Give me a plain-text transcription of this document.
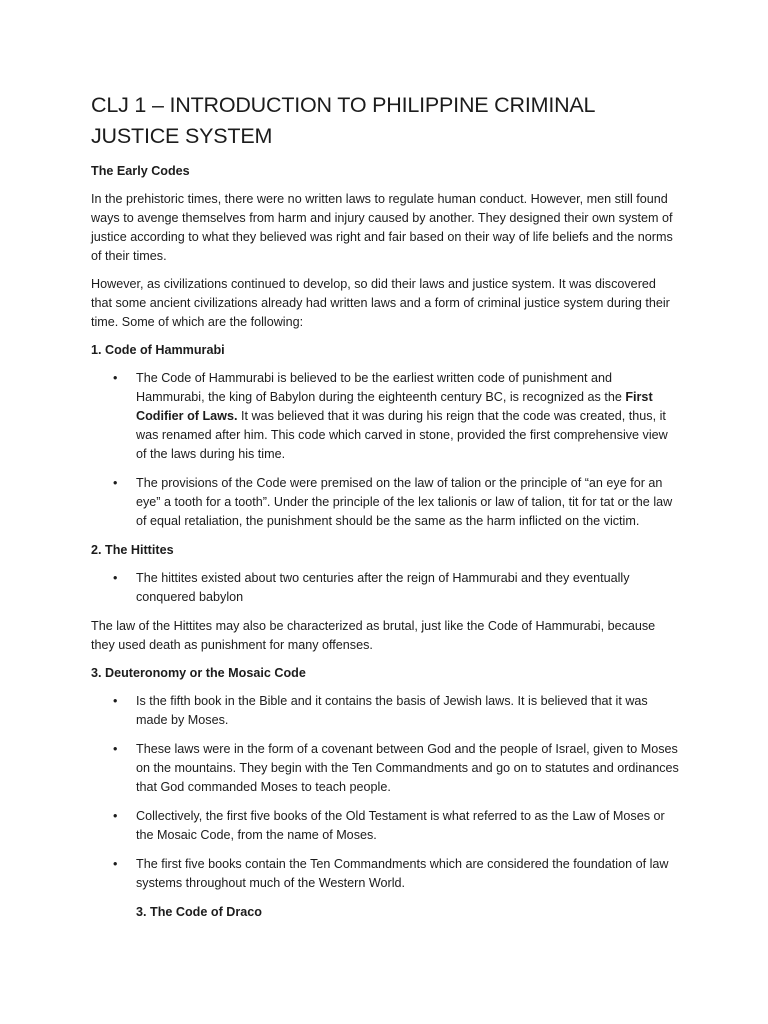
CLJ 1 – INTRODUCTION TO PHILIPPINE CRIMINAL JUSTICE SYSTEM
The Early Codes
In the prehistoric times, there were no written laws to regulate human conduct. However, men still found ways to avenge themselves from harm and injury caused by another. They designed their own system of justice according to what they believed was right and fair based on their way of life beliefs and the norms of their times.
However, as civilizations continued to develop, so did their laws and justice system. It was discovered that some ancient civilizations already had written laws and a form of criminal justice system during their time. Some of which are the following:
1. Code of Hammurabi
• The Code of Hammurabi is believed to be the earliest written code of punishment and Hammurabi, the king of Babylon during the eighteenth century BC, is recognized as the First Codifier of Laws. It was believed that it was during his reign that the code was created, thus, it was renamed after him. This code which carved in stone, provided the first comprehensive view of the laws during his time.
• The provisions of the Code were premised on the law of talion or the principle of “an eye for an eye” a tooth for a tooth”. Under the principle of the lex talionis or law of talion, tit for tat or the law of equal retaliation, the punishment should be the same as the harm inflicted on the victim.
2. The Hittites
• The hittites existed about two centuries after the reign of Hammurabi and they eventually conquered babylon
The law of the Hittites may also be characterized as brutal, just like the Code of Hammurabi, because they used death as punishment for many offenses.
3. Deuteronomy or the Mosaic Code
• Is the fifth book in the Bible and it contains the basis of Jewish laws. It is believed that it was made by Moses.
• These laws were in the form of a covenant between God and the people of Israel, given to Moses on the mountains. They begin with the Ten Commandments and go on to statutes and ordinances that God commanded Moses to teach people.
• Collectively, the first five books of the Old Testament is what referred to as the Law of Moses or the Mosaic Code, from the name of Moses.
• The first five books contain the Ten Commandments which are considered the foundation of law systems throughout much of the Western World.
3. The Code of Draco
